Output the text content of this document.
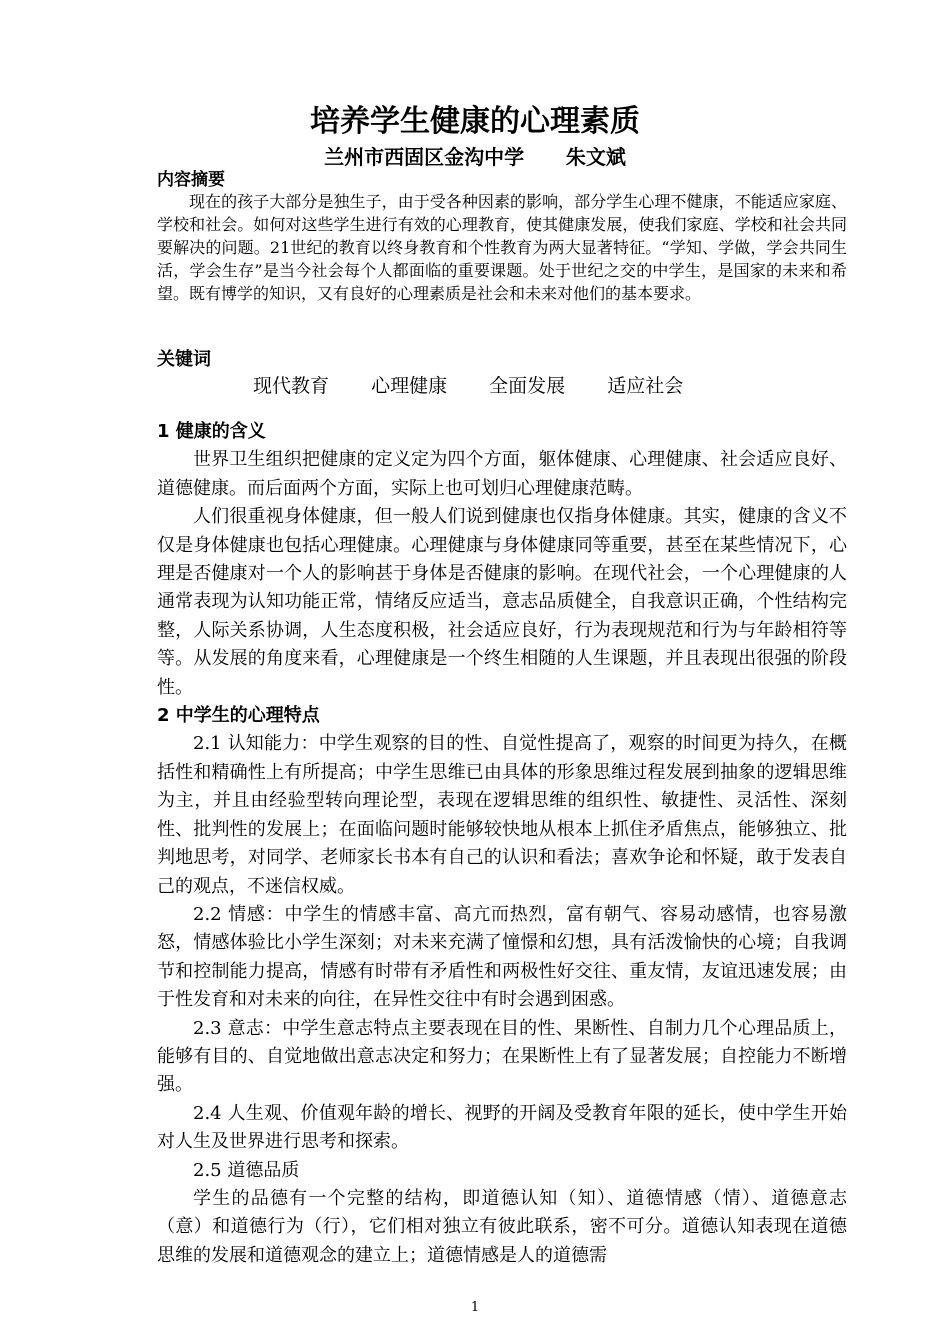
培养学生健康的心理素质
兰州市西固区金沟中学      朱文斌
内容摘要

现在的孩子大部分是独生子，由于受各种因素的影响，部分学生心理不健康，不能适应家庭、学校和社会。如何对这些学生进行有效的心理教育，使其健康发展，使我们家庭、学校和社会共同要解决的问题。21世纪的教育以终身教育和个性教育为两大显著特征。“学知、学做，学会共同生活，学会生存”是当今社会每个人都面临的重要课题。处于世纪之交的中学生，是国家的未来和希望。既有博学的知识，又有良好的心理素质是社会和未来对他们的基本要求。

关键词
现代教育 心理健康 全面发展 适应社会
1 健康的含义

世界卫生组织把健康的定义定为四个方面，躯体健康、心理健康、社会适应良好、道德健康。而后面两个方面，实际上也可划归心理健康范畴。

人们很重视身体健康，但一般人们说到健康也仅指身体健康。其实，健康的含义不仅是身体健康也包括心理健康。心理健康与身体健康同等重要，甚至在某些情况下，心理是否健康对一个人的影响甚于身体是否健康的影响。在现代社会，一个心理健康的人通常表现为认知功能正常，情绪反应适当，意志品质健全，自我意识正确，个性结构完整，人际关系协调，人生态度积极，社会适应良好，行为表现规范和行为与年龄相符等等。从发展的角度来看，心理健康是一个终生相随的人生课题，并且表现出很强的阶段性。

2 中学生的心理特点

2.1 认知能力：中学生观察的目的性、自觉性提高了，观察的时间更为持久，在概括性和精确性上有所提高；中学生思维已由具体的形象思维过程发展到抽象的逻辑思维为主，并且由经验型转向理论型，表现在逻辑思维的组织性、敏捷性、灵活性、深刻性、批判性的发展上；在面临问题时能够较快地从根本上抓住矛盾焦点，能够独立、批判地思考，对同学、老师家长书本有自己的认识和看法；喜欢争论和怀疑，敢于发表自己的观点，不迷信权威。

2.2 情感：中学生的情感丰富、高亢而热烈，富有朝气、容易动感情，也容易激怒，情感体验比小学生深刻；对未来充满了憧憬和幻想，具有活泼愉快的心境；自我调节和控制能力提高，情感有时带有矛盾性和两极性好交往、重友情，友谊迅速发展；由于性发育和对未来的向往，在异性交往中有时会遇到困惑。

2.3 意志：中学生意志特点主要表现在目的性、果断性、自制力几个心理品质上，能够有目的、自觉地做出意志决定和努力；在果断性上有了显著发展；自控能力不断增强。

2.4 人生观、价值观年龄的增长、视野的开阔及受教育年限的延长，使中学生开始对人生及世界进行思考和探索。

2.5 道德品质

学生的品德有一个完整的结构，即道德认知（知）、道德情感（情）、道德意志（意）和道德行为（行），它们相对独立有彼此联系，密不可分。道德认知表现在道德思维的发展和道德观念的建立上；道德情感是人的道德需

1
